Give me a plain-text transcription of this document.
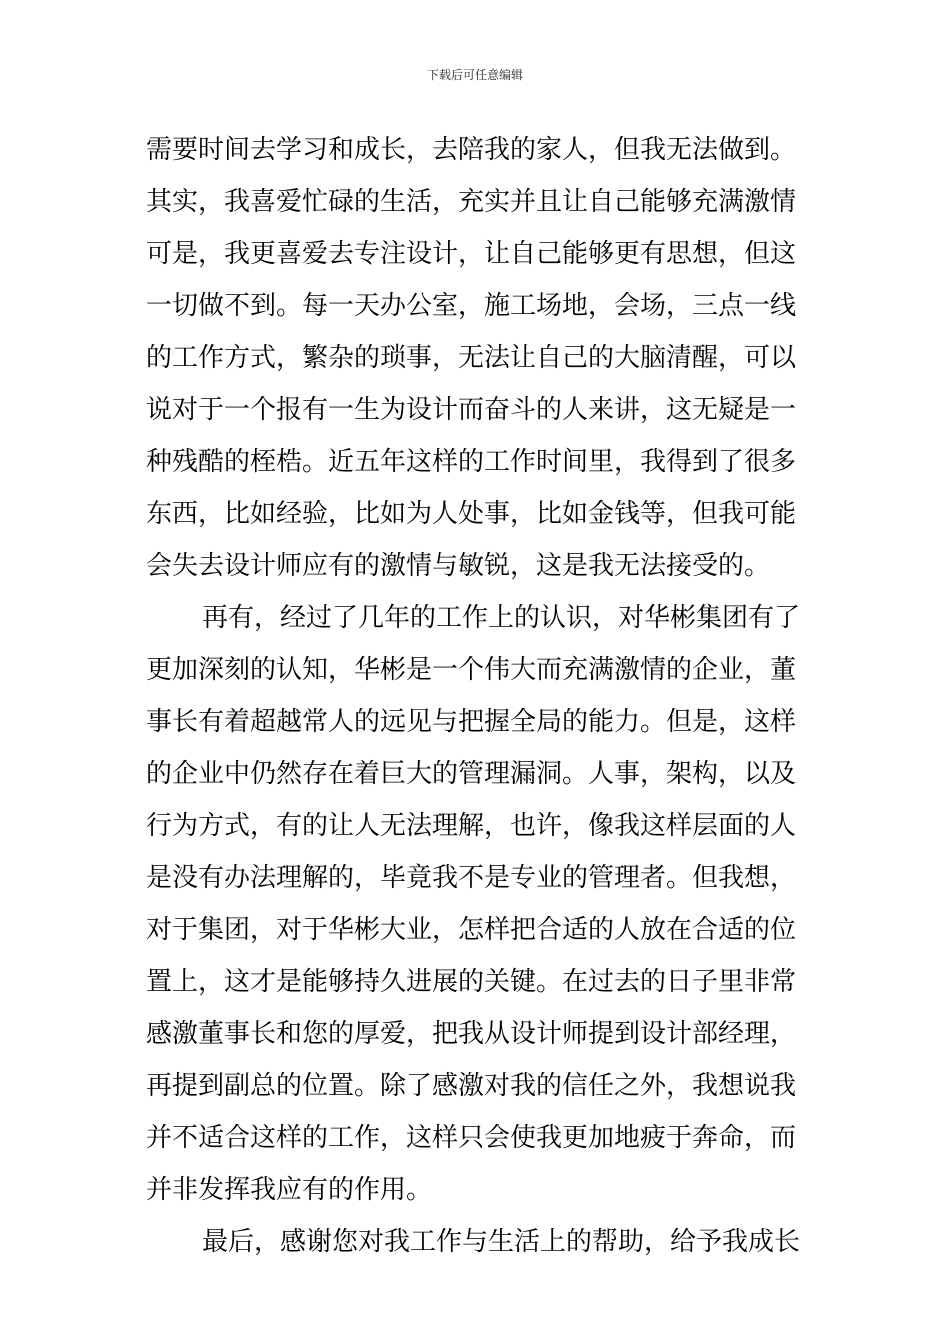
下载后可任意编辑
需要时间去学习和成长，去陪我的家人，但我无法做到。
其实，我喜爱忙碌的生活，充实并且让自己能够充满激情
可是，我更喜爱去专注设计，让自己能够更有思想，但这
一切做不到。每一天办公室，施工场地，会场，三点一线
的工作方式，繁杂的琐事，无法让自己的大脑清醒，可以
说对于一个报有一生为设计而奋斗的人来讲，这无疑是一
种残酷的桎梏。近五年这样的工作时间里，我得到了很多
东西，比如经验，比如为人处事，比如金钱等，但我可能
会失去设计师应有的激情与敏锐，这是我无法接受的。
再有，经过了几年的工作上的认识，对华彬集团有了
更加深刻的认知，华彬是一个伟大而充满激情的企业，董
事长有着超越常人的远见与把握全局的能力。但是，这样
的企业中仍然存在着巨大的管理漏洞。人事，架构，以及
行为方式，有的让人无法理解，也许，像我这样层面的人
是没有办法理解的，毕竟我不是专业的管理者。但我想，
对于集团，对于华彬大业，怎样把合适的人放在合适的位
置上，这才是能够持久进展的关键。在过去的日子里非常
感激董事长和您的厚爱，把我从设计师提到设计部经理，
再提到副总的位置。除了感激对我的信任之外，我想说我
并不适合这样的工作，这样只会使我更加地疲于奔命，而
并非发挥我应有的作用。
最后，感谢您对我工作与生活上的帮助，给予我成长
